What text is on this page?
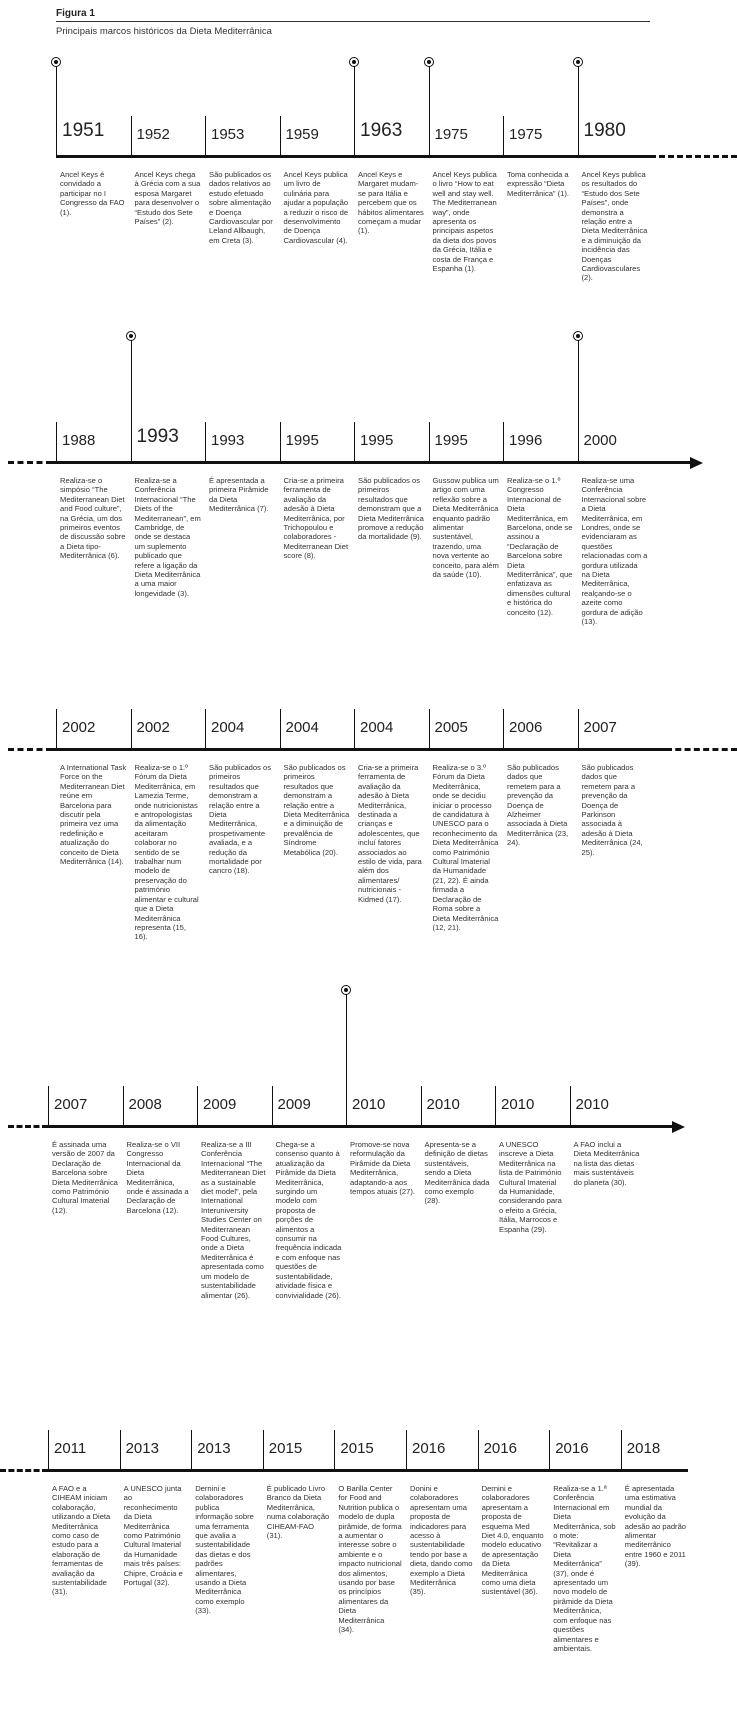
Figura 1
Principais marcos históricos da Dieta Mediterrânica
1951
Ancel Keys é convidado a participar no I Congresso da FAO (1).
1952
Ancel Keys chega à Grécia com a sua esposa Margaret para desenvolver o “Estudo dos Sete Países” (2).
1953
São publicados os dados relativos ao estudo efetuado sobre alimentação e Doença Cardiovascular por Leland Allbaugh, em Creta (3).
1959
Ancel Keys publica um livro de culinária para ajudar a população a reduzir o risco de desenvolvimento de Doença Cardiovascular (4).
1963
Ancel Keys e Margaret mudam-se para Itália e percebem que os hábitos alimentares começam a mudar (1).
1975
Ancel Keys publica o livro “How to eat well and stay well. The Mediterranean way”, onde apresenta os principais aspetos da dieta dos povos da Grécia, Itália e costa de França e Espanha (1).
1975
Toma conhecida a expressão “Dieta Mediterrânica” (1).
1980
Ancel Keys publica os resultados do “Estudo dos Sete Países”, onde demonstra a relação entre a Dieta Mediterrânica e a diminuição da incidência das Doenças Cardiovasculares (2).
1988
Realiza-se o simpósio “The Mediterranean Diet and Food culture”, na Grécia, um dos primeiros eventos de discussão sobre a Dieta tipo-Mediterrânica (6).
1993
Realiza-se a Conferência Internacional “The Diets of the Mediterranean”, em Cambridge, de onde se destaca um suplemento publicado que refere a ligação da Dieta Mediterrânica a uma maior longevidade (3).
1993
É apresentada a primeira Pirâmide da Dieta Mediterrânica (7).
1995
Cria-se a primeira ferramenta de avaliação da adesão à Dieta Mediterrânica, por Trichopoulou e colaboradores - Mediterranean Diet score (8).
1995
São publicados os primeiros resultados que demonstram que a Dieta Mediterrânica promove a redução da mortalidade (9).
1995
Gussow publica um artigo com uma reflexão sobre a Dieta Mediterrânica enquanto padrão alimentar sustentável, trazendo, uma nova vertente ao conceito, para além da saúde (10).
1996
Realiza-se o 1.º Congresso Internacional de Dieta Mediterrânica, em Barcelona, onde se assinou a “Declaração de Barcelona sobre Dieta Mediterrânica”, que enfatizava as dimensões cultural e histórica do conceito (12).
2000
Realiza-se uma Conferência Internacional sobre a Dieta Mediterrânica, em Londres, onde se evidenciaram as questões relacionadas com a gordura utilizada na Dieta Mediterrânica, realçando-se o azeite como gordura de adição (13).
2002
A International Task Force on the Mediterranean Diet reúne em Barcelona para discutir pela primeira vez uma redefinição e atualização do conceito de Dieta Mediterrânica (14).
2002
Realiza-se o 1.º Fórum da Dieta Mediterrânica, em Lamezia Terme, onde nutricionistas e antropologistas da alimentação aceitaram colaborar no sentido de se trabalhar num modelo de preservação do património alimentar e cultural que a Dieta Mediterrânica representa (15, 16).
2004
São publicados os primeiros resultados que demonstram a relação entre a Dieta Mediterrânica, prospetivamente avaliada, e a redução da mortalidade por cancro (18).
2004
São publicados os primeiros resultados que demonstram a relação entre a Dieta Mediterrânica e a diminuição de prevalência de Síndrome Metabólica (20).
2004
Cria-se a primeira ferramenta de avaliação da adesão à Dieta Mediterrânica, destinada a crianças e adolescentes, que incluí fatores associados ao estilo de vida, para além dos alimentares/ nutricionais - Kidmed (17).
2005
Realiza-se o 3.º Fórum da Dieta Mediterrânica, onde se decidiu iniciar o processo de candidatura à UNESCO para o reconhecimento da Dieta Mediterrânica como Património Cultural Imaterial da Humanidade (21, 22). É ainda firmada a Declaração de Roma sobre a Dieta Mediterrânica (12, 21).
2006
São publicados dados que remetem para a prevenção da Doença de Alzheimer associada à Dieta Mediterrânica (23, 24).
2007
São publicados dados que remetem para a prevenção da Doença de Parkinson associada à adesão à Dieta Mediterrânica (24, 25).
2007
É assinada uma versão de 2007 da Declaração de Barcelona sobre Dieta Mediterrânica como Património Cultural Imaterial (12).
2008
Realiza-se o VII Congresso Internacional da Dieta Mediterrânica, onde é assinada a Declaração de Barcelona (12).
2009
Realiza-se a III Conferência Internacional “The Mediterranean Diet as a sustainable diet model”, pela International Interuniversity Studies Center on Mediterranean Food Cultures, onde a Dieta Mediterrânica é apresentada como um modelo de sustentabilidade alimentar (26).
2009
Chega-se a consenso quanto à atualização da Pirâmide da Dieta Mediterrânica, surgindo um modelo com proposta de porções de alimentos a consumir na frequência indicada e com enfoque nas questões de sustentabilidade, atividade física e convivialidade (26).
2010
Promove-se nova reformulação da Pirâmide da Dieta Mediterrânica, adaptando-a aos tempos atuais (27).
2010
Apresenta-se a definição de dietas sustentáveis, sendo a Dieta Mediterrânica dada como exemplo (28).
2010
A UNESCO inscreve a Dieta Mediterrânica na lista de Património Cultural Imaterial da Humanidade, considerando para o efeito a Grécia, Itália, Marrocos e Espanha (29).
2010
A FAO inclui a Dieta Mediterrânica na lista das dietas mais sustentáveis do planeta (30).
2011
A FAO e a CIHEAM iniciam colaboração, utilizando a Dieta Mediterrânica como caso de estudo para a elaboração de ferramentas de avaliação da sustentabilidade (31).
2013
A UNESCO junta ao reconhecimento da Dieta Mediterrânica como Património Cultural Imaterial da Humanidade mais três países: Chipre, Croácia e Portugal (32).
2013
Dernini e colaboradores publica informação sobre uma ferramenta que avalia a sustentabilidade das dietas e dos padrões alimentares, usando a Dieta Mediterrânica como exemplo (33).
2015
É publicado Livro Branco da Dieta Mediterrânica, numa colaboração CIHEAM-FAO (31).
2015
O Barilla Center for Food and Nutrition publica o modelo de dupla pirâmide, de forma a aumentar o interesse sobre o ambiente e o impacto nutricional dos alimentos, usando por base os princípios alimentares da Dieta Mediterrânica (34).
2016
Donini e colaboradores apresentam uma proposta de indicadores para acesso à sustentabilidade tendo por base a dieta, dando como exemplo a Dieta Mediterrânica (35).
2016
Dernini e colaboradores apresentam a proposta de esquema Med Diet 4.0, enquanto modelo educativo de apresentação da Dieta Mediterrânica como uma dieta sustentável (36).
2016
Realiza-se a 1.ª Conferência Internacional em Dieta Mediterrânica, sob o mote: “Revitalizar a Dieta Mediterrânica” (37), onde é apresentado um novo modelo de pirâmide da Dieta Mediterrânica, com enfoque nas questões alimentares e ambientais.
2018
É apresentada uma estimativa mundial da evolução da adesão ao padrão alimentar mediterrânico entre 1960 e 2011 (39).
